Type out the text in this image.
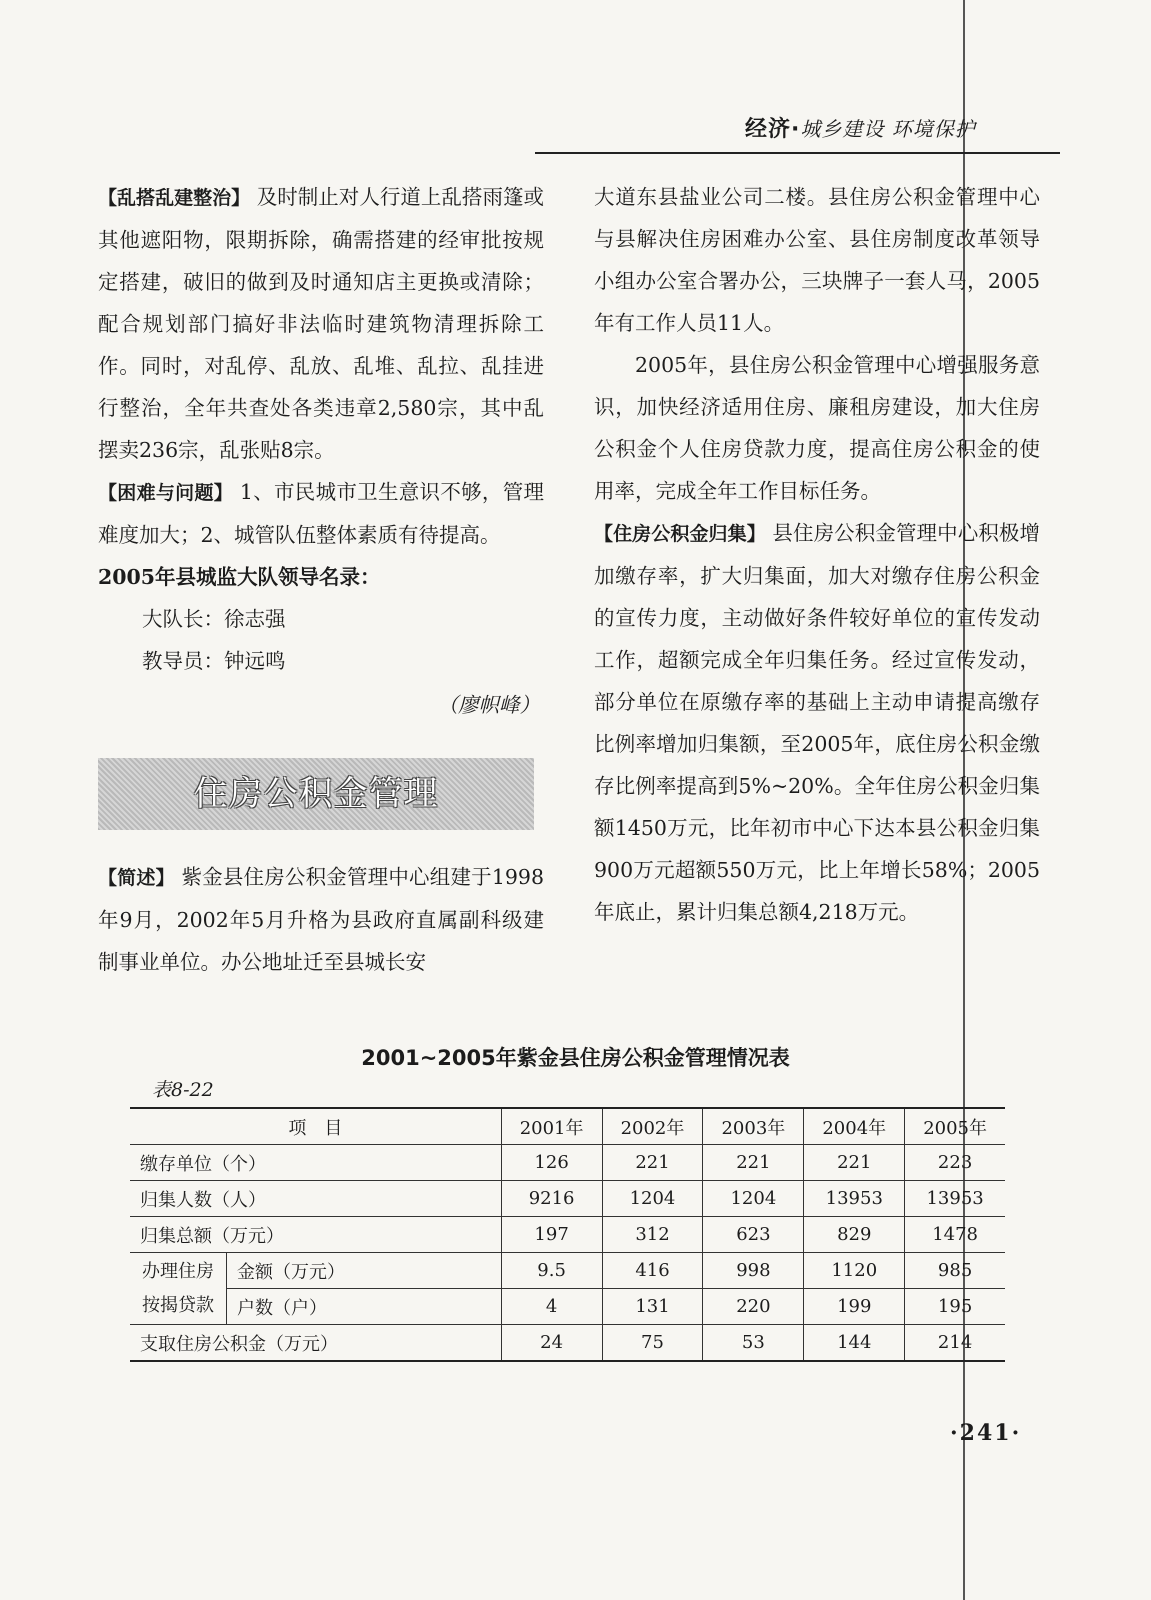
经济·城乡建设 环境保护

【乱搭乱建整治】 及时制止对人行道上乱搭雨篷或其他遮阳物，限期拆除，确需搭建的经审批按规定搭建，破旧的做到及时通知店主更换或清除；配合规划部门搞好非法临时建筑物清理拆除工作。同时，对乱停、乱放、乱堆、乱拉、乱挂进行整治，全年共查处各类违章2,580宗，其中乱摆卖236宗，乱张贴8宗。

【困难与问题】 1、市民城市卫生意识不够，管理难度加大；2、城管队伍整体素质有待提高。

2005年县城监大队领导名录：

大队长：徐志强

教导员：钟远鸣

（廖帜峰）

住房公积金管理

【简述】 紫金县住房公积金管理中心组建于1998年9月，2002年5月升格为县政府直属副科级建制事业单位。办公地址迁至县城长安

大道东县盐业公司二楼。县住房公积金管理中心与县解决住房困难办公室、县住房制度改革领导小组办公室合署办公，三块牌子一套人马，2005年有工作人员11人。

2005年，县住房公积金管理中心增强服务意识，加快经济适用住房、廉租房建设，加大住房公积金个人住房贷款力度，提高住房公积金的使用率，完成全年工作目标任务。

【住房公积金归集】 县住房公积金管理中心积极增加缴存率，扩大归集面，加大对缴存住房公积金的宣传力度，主动做好条件较好单位的宣传发动工作，超额完成全年归集任务。经过宣传发动，部分单位在原缴存率的基础上主动申请提高缴存比例率增加归集额，至2005年，底住房公积金缴存比例率提高到5%~20%。全年住房公积金归集额1450万元，比年初市中心下达本县公积金归集900万元超额550万元，比上年增长58%；2005年底止，累计归集总额4,218万元。

2001~2005年紫金县住房公积金管理情况表
表8-22
项　目		2001年	2002年	2003年	2004年	2005年
缴存单位（个）		126	221	221	221	223
归集人数（人）		9216	1204	1204	13953	13953
归集总额（万元）		197	312	623	829	1478
办理住房按揭贷款	金额（万元）	9.5	416	998	1120	985
	户数（户）	4	131	220	199	195
支取住房公积金（万元）		24	75	53	144	214
·241·
